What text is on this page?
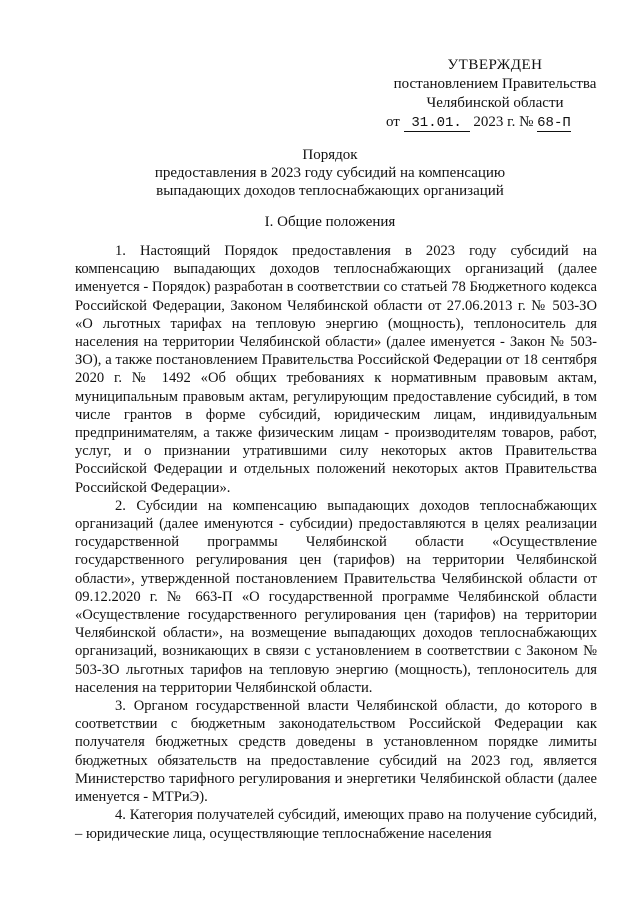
УТВЕРЖДЕН
постановлением Правительства
Челябинской области
от 31.01. 2023 г. № 68-П
Порядок
предоставления в 2023 году субсидий на компенсацию
выпадающих доходов теплоснабжающих организаций
I. Общие положения

1. Настоящий Порядок предоставления в 2023 году субсидий на компенсацию выпадающих доходов теплоснабжающих организаций (далее именуется - Порядок) разработан в соответствии со статьей 78 Бюджетного кодекса Российской Федерации, Законом Челябинской области от 27.06.2013 г. № 503-ЗО «О льготных тарифах на тепловую энергию (мощность), теплоноситель для населения на территории Челябинской области» (далее именуется - Закон № 503-ЗО), а также постановлением Правительства Российской Федерации от 18 сентября 2020 г. № 1492 «Об общих требованиях к нормативным правовым актам, муниципальным правовым актам, регулирующим предоставление субсидий, в том числе грантов в форме субсидий, юридическим лицам, индивидуальным предпринимателям, а также физическим лицам - производителям товаров, работ, услуг, и о признании утратившими силу некоторых актов Правительства Российской Федерации и отдельных положений некоторых актов Правительства Российской Федерации».

2. Субсидии на компенсацию выпадающих доходов теплоснабжающих организаций (далее именуются - субсидии) предоставляются в целях реализации государственной программы Челябинской области «Осуществление государственного регулирования цен (тарифов) на территории Челябинской области», утвержденной постановлением Правительства Челябинской области от 09.12.2020 г. № 663-П «О государственной программе Челябинской области «Осуществление государственного регулирования цен (тарифов) на территории Челябинской области», на возмещение выпадающих доходов теплоснабжающих организаций, возникающих в связи с установлением в соответствии с Законом № 503-ЗО льготных тарифов на тепловую энергию (мощность), теплоноситель для населения на территории Челябинской области.

3. Органом государственной власти Челябинской области, до которого в соответствии с бюджетным законодательством Российской Федерации как получателя бюджетных средств доведены в установленном порядке лимиты бюджетных обязательств на предоставление субсидий на 2023 год, является Министерство тарифного регулирования и энергетики Челябинской области (далее именуется - МТРиЭ).

4. Категория получателей субсидий, имеющих право на получение субсидий, – юридические лица, осуществляющие теплоснабжение населения
